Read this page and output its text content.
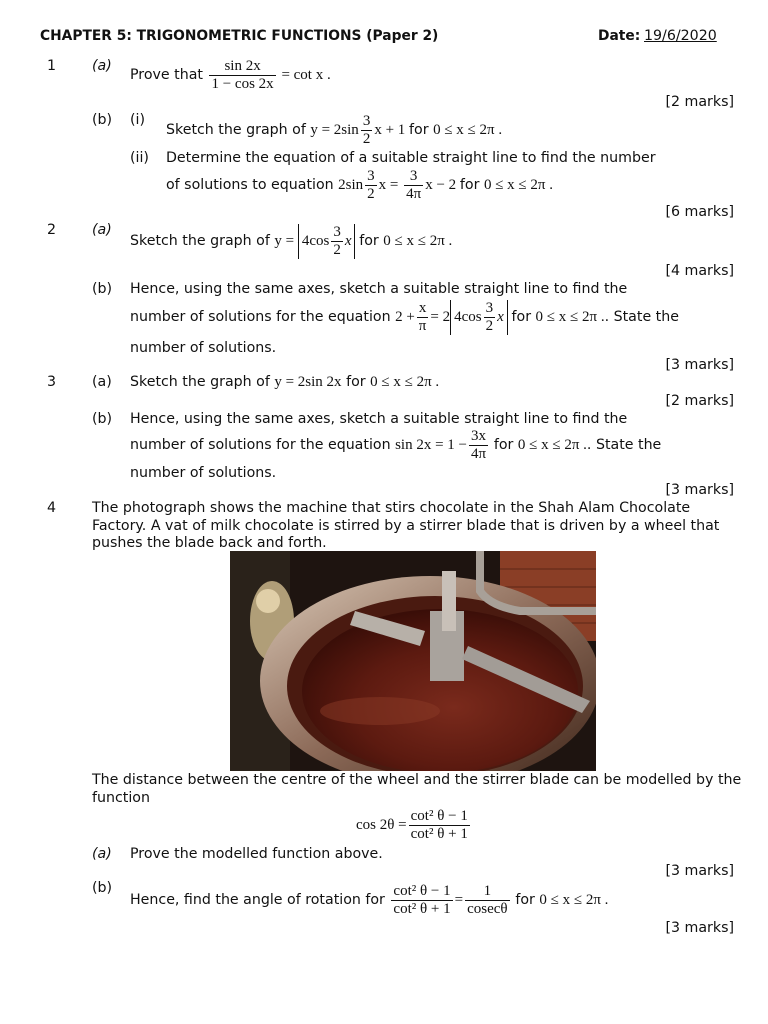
CHAPTER 5: TRIGONOMETRIC FUNCTIONS (Paper 2)	Date: 19/6/2020
1	(a)
Prove that $\frac{\sin 2x}{1 - \cos 2x} = \cot x$ .
[2 marks]
(b) (i)
Sketch the graph of $y = 2\sin \frac{3}{2}$ x + 1 for 0 ≤ x ≤ 2π .
(ii) Determine the equation of a suitable straight line to find the number
of solutions to equation $2\sin \frac{3}{2}$ $x = \frac{3}{4\pi}$ x − 2 for 0 ≤ x ≤ 2π .
[6 marks]
2	(a)
Sketch the graph of $y = 4\cos \frac{3}{2}$ x for 0 ≤ x ≤ 2π .
[4 marks]
(b) Hence, using the same axes, sketch a suitable straight line to find the
number of solutions for the equation $2 + \frac{x}{\pi} = 2$ $4\cos \frac{3}{2}$ x for 0 ≤ x ≤ 2π .. State the
number of solutions.
[3 marks]
3	(a) Sketch the graph of y = 2sin 2x for 0 ≤ x ≤ 2π .
[2 marks]
(b) Hence, using the same axes, sketch a suitable straight line to find the
number of solutions for the equation $\sin 2x = 1 - \frac{3x}{4\pi}$ for 0 ≤ x ≤ 2π .. State the
number of solutions.
[3 marks]
4	The photograph shows the machine that stirs chocolate in the Shah Alam Chocolate Factory. A vat of milk chocolate is stirred by a stirrer blade that is driven by a wheel that pushes the blade back and forth.
The distance between the centre of the wheel and the stirrer blade can be modelled by the function
$\cos 2\theta = \frac{\text{cot² θ − 1}}{\text{cot² θ + 1}}$
(a) Prove the modelled function above.
[3 marks]
(b)
Hence, find the angle of rotation for $\frac{\text{cot² θ − 1}}{\text{cot² θ + 1}} = \frac{1}{cosec\theta}$ for 0 ≤ x ≤ 2π .
[3 marks]
